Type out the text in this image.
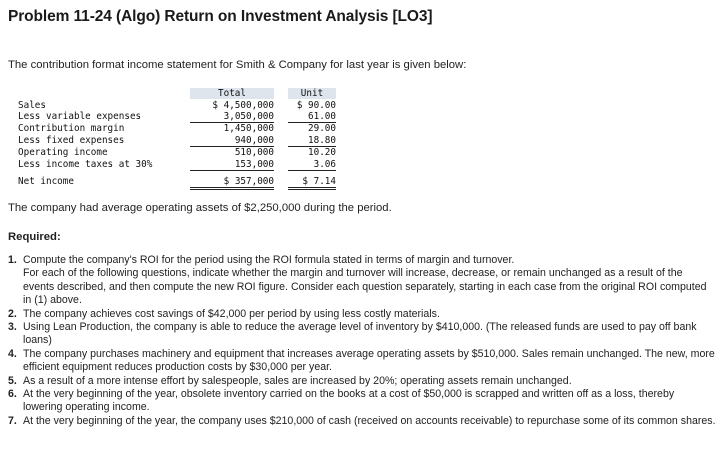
Problem 11-24 (Algo) Return on Investment Analysis [LO3]
The contribution format income statement for Smith & Company for last year is given below:
	Total		Unit
Sales	$ 4,500,000		$ 90.00
Less variable expenses	3,050,000		61.00
Contribution margin	1,450,000		29.00
Less fixed expenses	940,000		18.80
Operating income	510,000		10.20
Less income taxes at 30%	153,000		3.06
Net income	$ 357,000		$ 7.14
The company had average operating assets of $2,250,000 during the period.
Required:
1. Compute the company's ROI for the period using the ROI formula stated in terms of margin and turnover.

For each of the following questions, indicate whether the margin and turnover will increase, decrease, or remain unchanged as a result of the events described, and then compute the new ROI figure. Consider each question separately, starting in each case from the original ROI computed in (1) above.

2. The company achieves cost savings of $42,000 per period by using less costly materials.

3. Using Lean Production, the company is able to reduce the average level of inventory by $410,000. (The released funds are used to pay off bank loans)

4. The company purchases machinery and equipment that increases average operating assets by $510,000. Sales remain unchanged. The new, more efficient equipment reduces production costs by $30,000 per year.

5. As a result of a more intense effort by salespeople, sales are increased by 20%; operating assets remain unchanged.

6. At the very beginning of the year, obsolete inventory carried on the books at a cost of $50,000 is scrapped and written off as a loss, thereby lowering operating income.

7. At the very beginning of the year, the company uses $210,000 of cash (received on accounts receivable) to repurchase some of its common shares.
